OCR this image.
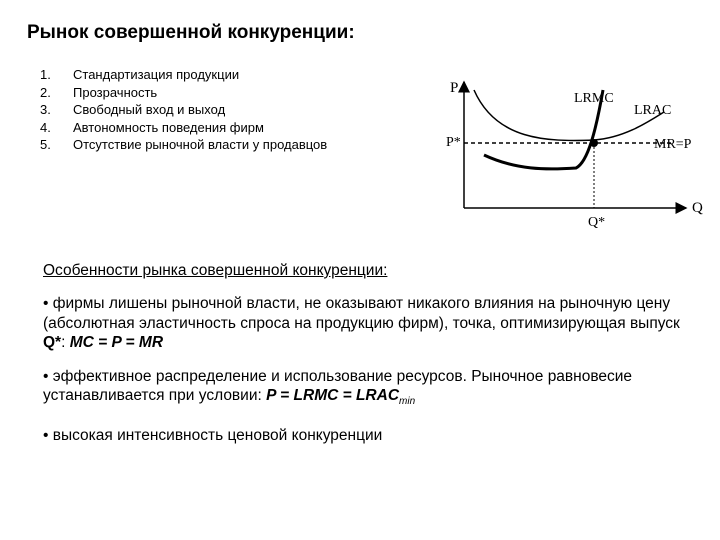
Рынок совершенной конкуренции:
1.	Стандартизация продукции
2.	Прозрачность
3.	Свободный вход и выход
4.	Автономность поведения фирм
5.	Отсутствие рыночной власти у продавцов
P
Q
P*
Q*
LRMC
LRAC
MR=P
Особенности рынка совершенной конкуренции:

• фирмы лишены рыночной власти, не оказывают никакого влияния на рыночную цену (абсолютная эластичность спроса на продукцию фирм), точка, оптимизирующая выпуск Q*: MC = P = MR

• эффективное распределение и использование ресурсов. Рыночное равновесие устанавливается при условии: P = LRMC = $LRAC_{min}$

• высокая интенсивность ценовой конкуренции
